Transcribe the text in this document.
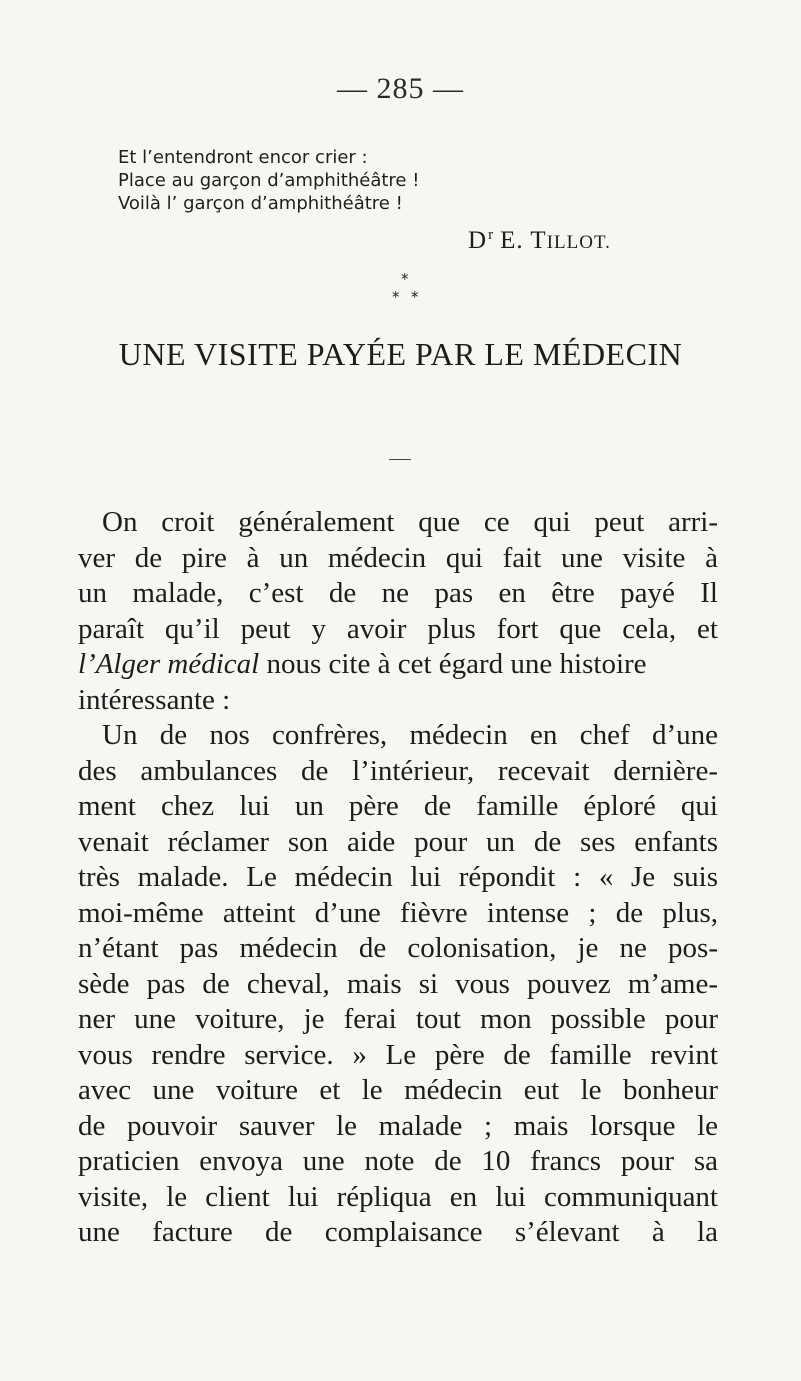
— 285 —
Et l’entendront encor crier :
Place au garçon d’amphithéâtre !
Voilà l’ garçon d’amphithéâtre !
$D^r$ E. TILLOT.
*
* *
UNE VISITE PAYÉE PAR LE MÉDECIN
On croit généralement que ce qui peut arri-
ver de pire à un médecin qui fait une visite à
un malade, c’est de ne pas en être payé Il
paraît qu’il peut y avoir plus fort que cela, et
l’Alger médical nous cite à cet égard une histoire
intéressante :
Un de nos confrères, médecin en chef d’une
des ambulances de l’intérieur, recevait dernière-
ment chez lui un père de famille éploré qui
venait réclamer son aide pour un de ses enfants
très malade. Le médecin lui répondit : « Je suis
moi-même atteint d’une fièvre intense ; de plus,
n’étant pas médecin de colonisation, je ne pos-
sède pas de cheval, mais si vous pouvez m’ame-
ner une voiture, je ferai tout mon possible pour
vous rendre service. » Le père de famille revint
avec une voiture et le médecin eut le bonheur
de pouvoir sauver le malade ; mais lorsque le
praticien envoya une note de 10 francs pour sa
visite, le client lui répliqua en lui communiquant
une facture de complaisance s’élevant à la
